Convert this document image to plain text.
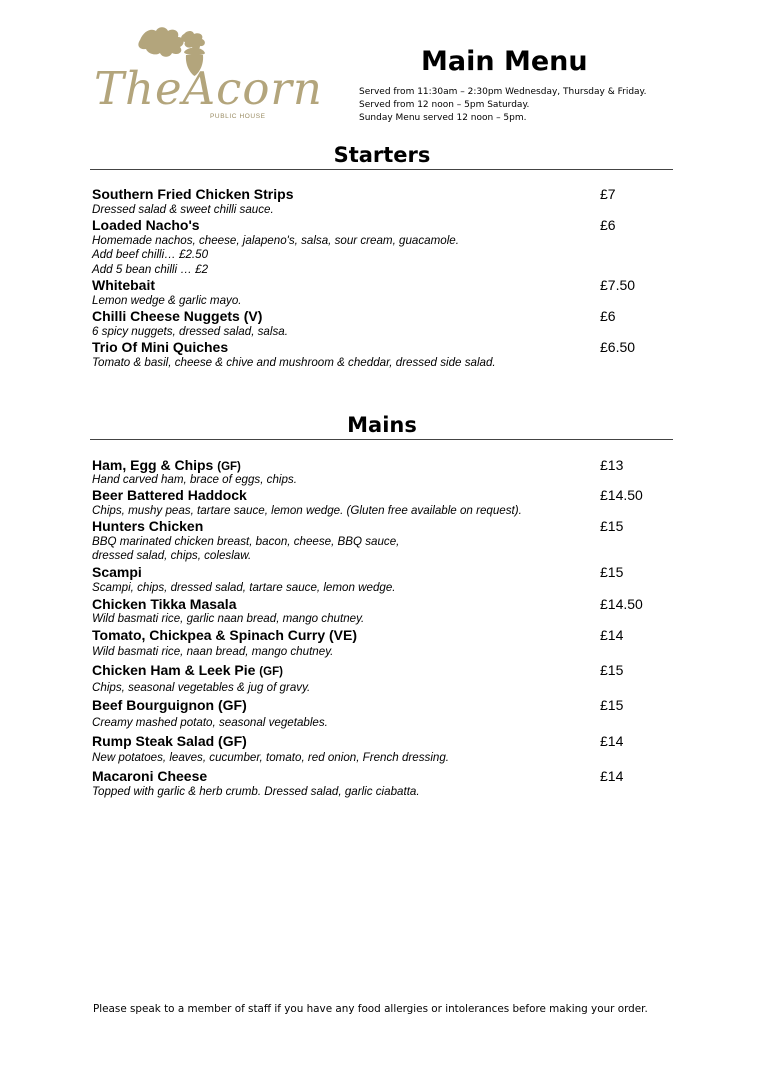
TheAcorn
PUBLIC HOUSE
Main Menu
Served from 11:30am – 2:30pm Wednesday, Thursday & Friday.
Served from 12 noon – 5pm Saturday.
Sunday Menu served 12 noon – 5pm.
Starters
Southern Fried Chicken Strips	£7
Dressed salad & sweet chilli sauce.
Loaded Nacho's	£6
Homemade nachos, cheese, jalapeno's, salsa, sour cream, guacamole.
Add beef chilli… £2.50
Add 5 bean chilli … £2
Whitebait	£7.50
Lemon wedge & garlic mayo.
Chilli Cheese Nuggets (V)	£6
6 spicy nuggets, dressed salad, salsa.
Trio Of Mini Quiches	£6.50
Tomato & basil, cheese & chive and mushroom & cheddar, dressed side salad.
Mains
Ham, Egg & Chips (GF)	£13
Hand carved ham, brace of eggs, chips.
Beer Battered Haddock	£14.50
Chips, mushy peas, tartare sauce, lemon wedge. (Gluten free available on request).
Hunters Chicken	£15
BBQ marinated chicken breast, bacon, cheese, BBQ sauce,
dressed salad, chips, coleslaw.
Scampi	£15
Scampi, chips, dressed salad, tartare sauce, lemon wedge.
Chicken Tikka Masala	£14.50
Wild basmati rice, garlic naan bread, mango chutney.
Tomato, Chickpea & Spinach Curry (VE)	£14
Wild basmati rice, naan bread, mango chutney.
Chicken Ham & Leek Pie (GF)	£15
Chips, seasonal vegetables & jug of gravy.
Beef Bourguignon (GF)	£15
Creamy mashed potato, seasonal vegetables.
Rump Steak Salad (GF)	£14
New potatoes, leaves, cucumber, tomato, red onion, French dressing.
Macaroni Cheese	£14
Topped with garlic & herb crumb. Dressed salad, garlic ciabatta.
Please speak to a member of staff if you have any food allergies or intolerances before making your order.
